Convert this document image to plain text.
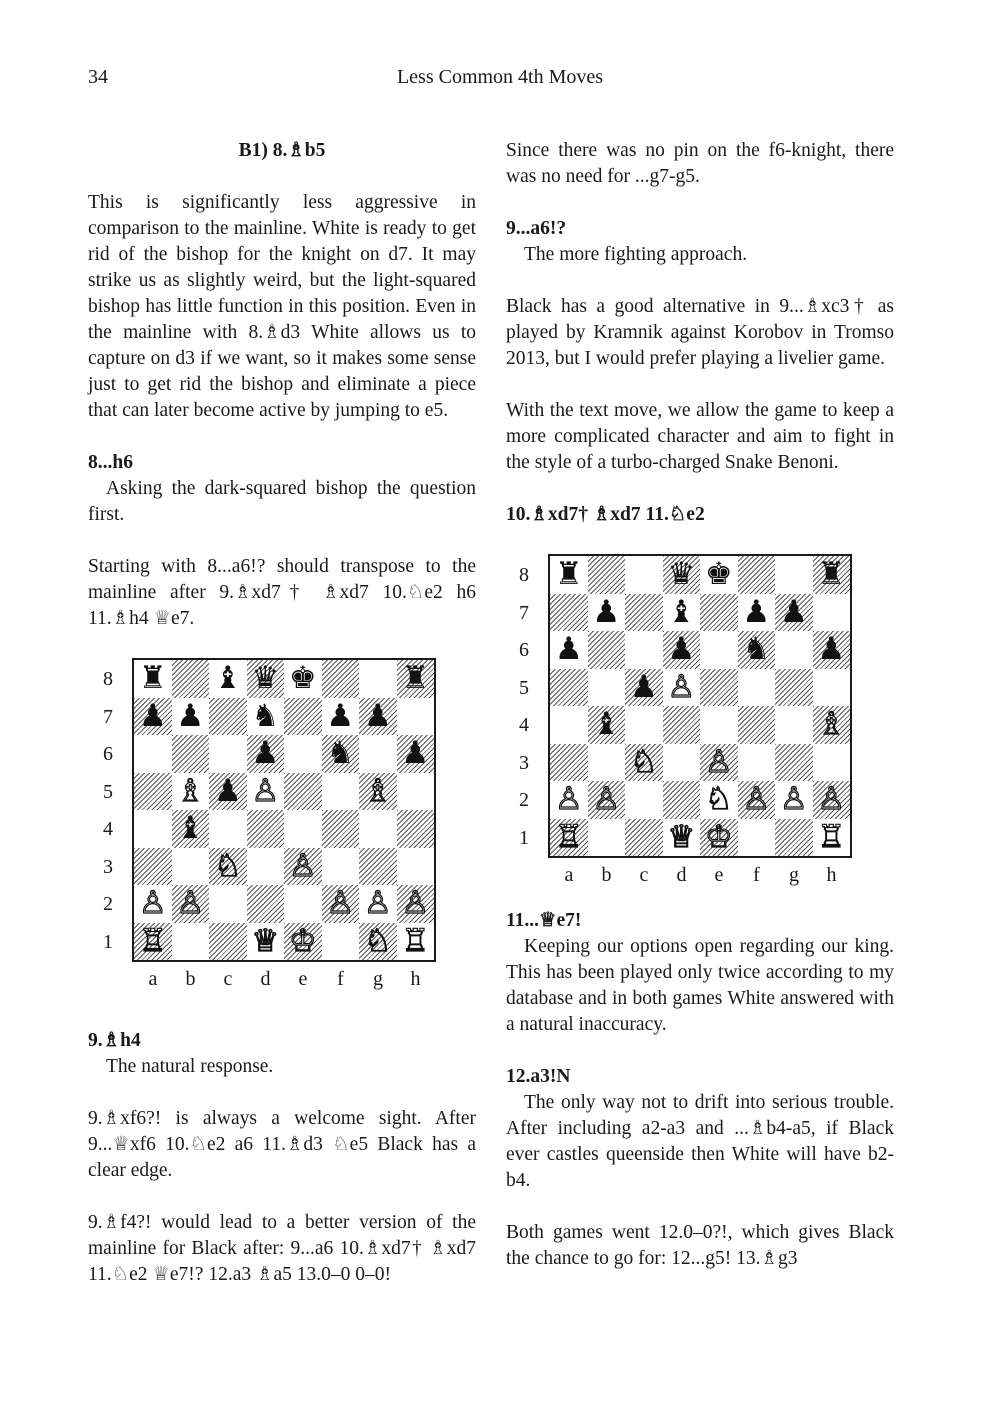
34	Less Common 4th Moves
B1) 8.♗b5
This is significantly less aggressive in comparison to the mainline. White is ready to get rid of the bishop for the knight on d7. It may strike us as slightly weird, but the light-squared bishop has little function in this position. Even in the mainline with 8.♗d3 White allows us to capture on d3 if we want, so it makes some sense just to get rid the bishop and eliminate a piece that can later become active by jumping to e5.
8...h6
Asking the dark-squared bishop the question first.
Starting with 8...a6!? should transpose to the mainline after 9.♗xd7† ♗xd7 10.♘e2 h6 11.♗h4 ♕e7.
♜ ♝ ♛ ♚	♜
♟ ♟ ♞ ♟ ♟
♟ ♞ ♟
♗ ♟ ♙	♗
♝
♘ ♙
♙ ♙	♙ ♙ ♙
♖	♕ ♔ ♘ ♖
8
7
6
5
4
3
2
1
a b c d e	f	g h
9.♗h4
The natural response.
9.♗xf6?! is always a welcome sight. After 9...♕xf6 10.♘e2 a6 11.♗d3 ♘e5 Black has a clear edge.
9.♗f4?! would lead to a better version of the mainline for Black after: 9...a6 10.♗xd7† ♗xd7 11.♘e2 ♕e7!? 12.a3 ♗a5 13.0–0 0–0!
Since there was no pin on the f6-knight, there was no need for ...g7-g5.
9...a6!?
The more fighting approach.
Black has a good alternative in 9...♗xc3† as played by Kramnik against Korobov in Tromso 2013, but I would prefer playing a livelier game.
With the text move, we allow the game to keep a more complicated character and aim to fight in the style of a turbo-charged Snake Benoni.
10.♗xd7† ♗xd7 11.♘e2
♜	♛ ♚	♜
♟ ♝ ♟ ♟
♟	♟ ♞ ♟
♟ ♙
♝	♗
♘ ♙
♙ ♙	♘ ♙ ♙ ♙
♖	♕ ♔	♖
8
7
6
5
4
3
2
1
a b c d e	f	g h
11...♕e7!
Keeping our options open regarding our king. This has been played only twice according to my database and in both games White answered with a natural inaccuracy.
12.a3!N
The only way not to drift into serious trouble. After including a2-a3 and ...♗b4-a5, if Black ever castles queenside then White will have b2-b4.
Both games went 12.0–0?!, which gives Black the chance to go for: 12...g5! 13.♗g3
